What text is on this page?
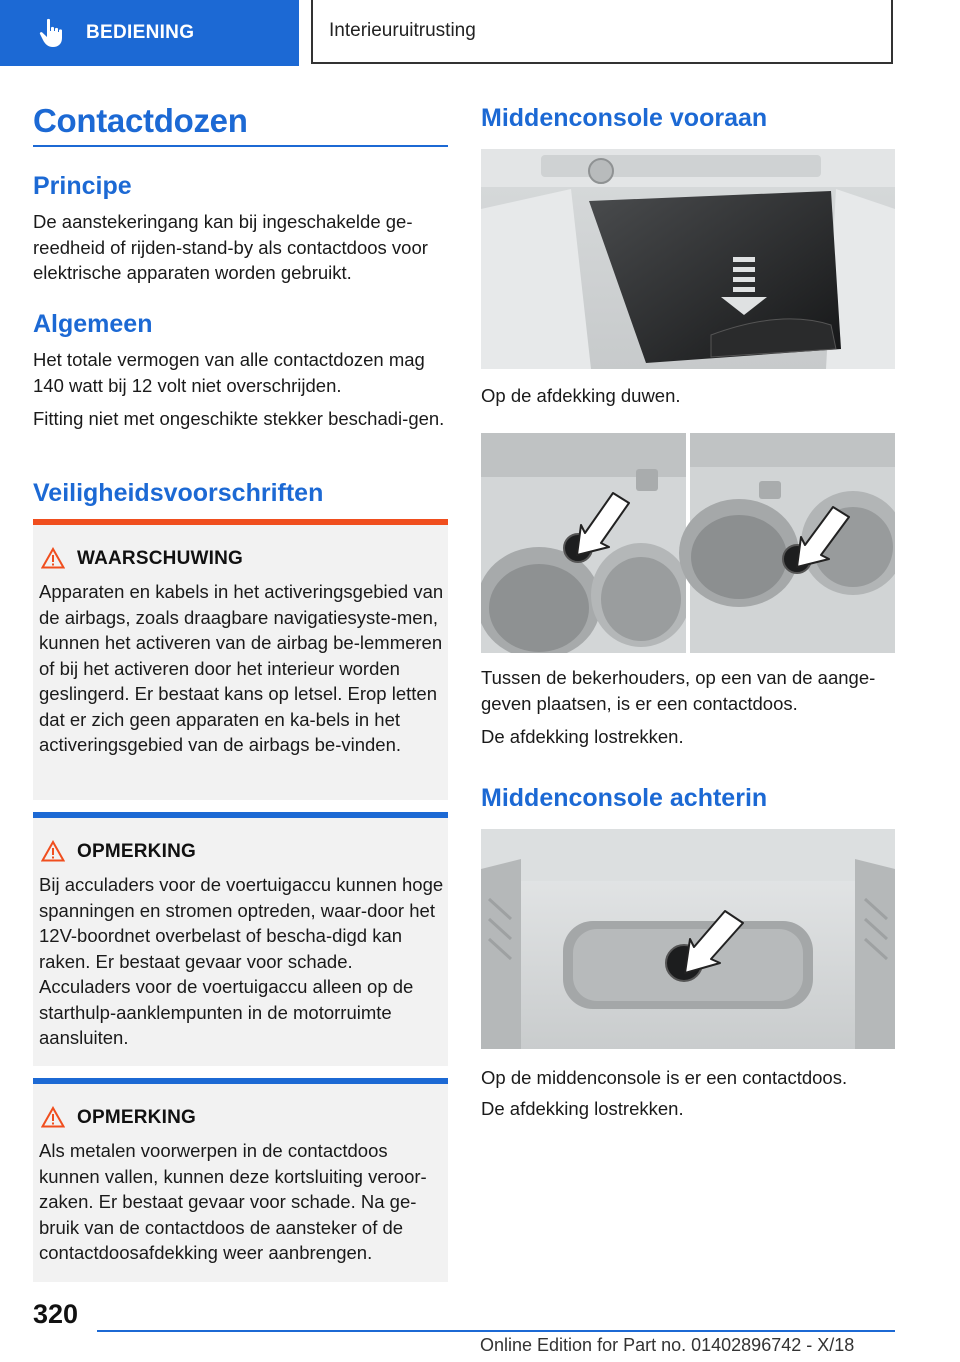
BEDIENING	Interieuruitrusting
Contactdozen
Principe

De aanstekeringang kan bij ingeschakelde ge-reedheid of rijden-stand-by als contactdoos voor elektrische apparaten worden gebruikt.

Algemeen

Het totale vermogen van alle contactdozen mag 140 watt bij 12 volt niet overschrijden.

Fitting niet met ongeschikte stekker beschadi-gen.

Veiligheidsvoorschriften
WAARSCHUWING

Apparaten en kabels in het activeringsgebied van de airbags, zoals draagbare navigatiesyste-men, kunnen het activeren van de airbag be-lemmeren of bij het activeren door het interieur worden geslingerd. Er bestaat kans op letsel. Erop letten dat er zich geen apparaten en ka-bels in het activeringsgebied van de airbags be-vinden.

OPMERKING

Bij acculaders voor de voertuigaccu kunnen hoge spanningen en stromen optreden, waar-door het 12V-boordnet overbelast of bescha-digd kan raken. Er bestaat gevaar voor schade. Acculaders voor de voertuigaccu alleen op de starthulp-aanklempunten in de motorruimte aansluiten.

OPMERKING

Als metalen voorwerpen in de contactdoos kunnen vallen, kunnen deze kortsluiting veroor-zaken. Er bestaat gevaar voor schade. Na ge-bruik van de contactdoos de aansteker of de contactdoosafdekking weer aanbrengen.

Middenconsole vooraan

Op de afdekking duwen.

Tussen de bekerhouders, op een van de aange-geven plaatsen, is er een contactdoos.

De afdekking lostrekken.

Middenconsole achterin

Op de middenconsole is er een contactdoos.

De afdekking lostrekken.

320

Online Edition for Part no. 01402896742 - X/18
